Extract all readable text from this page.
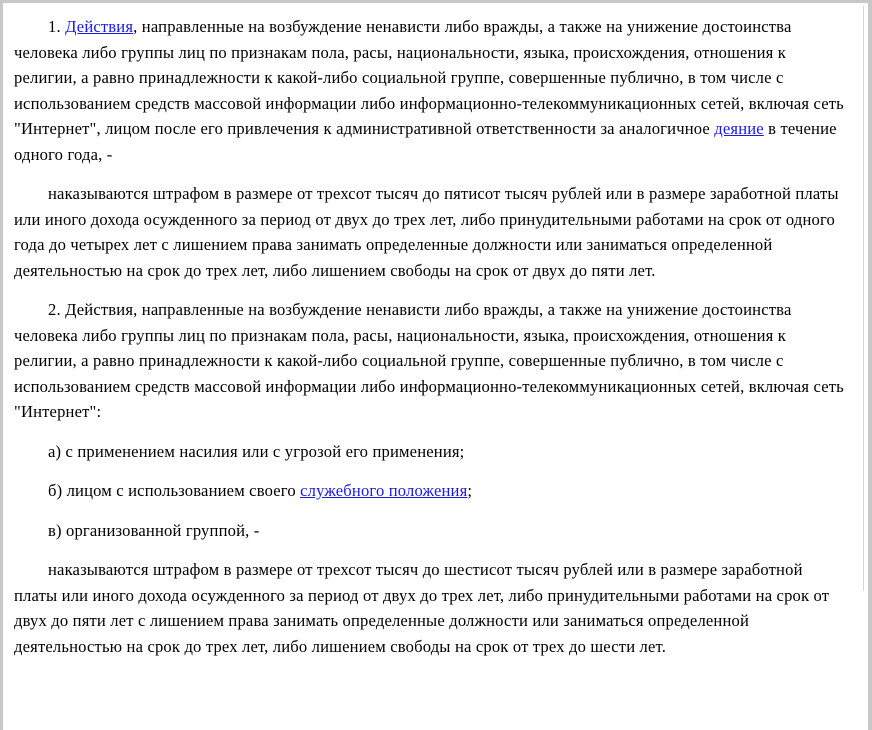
1. Действия, направленные на возбуждение ненависти либо вражды, а также на унижение достоинства человека либо группы лиц по признакам пола, расы, национальности, языка, происхождения, отношения к религии, а равно принадлежности к какой-либо социальной группе, совершенные публично, в том числе с использованием средств массовой информации либо информационно-телекоммуникационных сетей, включая сеть "Интернет", лицом после его привлечения к административной ответственности за аналогичное деяние в течение одного года, -

наказываются штрафом в размере от трехсот тысяч до пятисот тысяч рублей или в размере заработной платы или иного дохода осужденного за период от двух до трех лет, либо принудительными работами на срок от одного года до четырех лет с лишением права занимать определенные должности или заниматься определенной деятельностью на срок до трех лет, либо лишением свободы на срок от двух до пяти лет.

2. Действия, направленные на возбуждение ненависти либо вражды, а также на унижение достоинства человека либо группы лиц по признакам пола, расы, национальности, языка, происхождения, отношения к религии, а равно принадлежности к какой-либо социальной группе, совершенные публично, в том числе с использованием средств массовой информации либо информационно-телекоммуникационных сетей, включая сеть "Интернет":

а) с применением насилия или с угрозой его применения;

б) лицом с использованием своего служебного положения;

в) организованной группой, -

наказываются штрафом в размере от трехсот тысяч до шестисот тысяч рублей или в размере заработной платы или иного дохода осужденного за период от двух до трех лет, либо принудительными работами на срок от двух до пяти лет с лишением права занимать определенные должности или заниматься определенной деятельностью на срок до трех лет, либо лишением свободы на срок от трех до шести лет.
